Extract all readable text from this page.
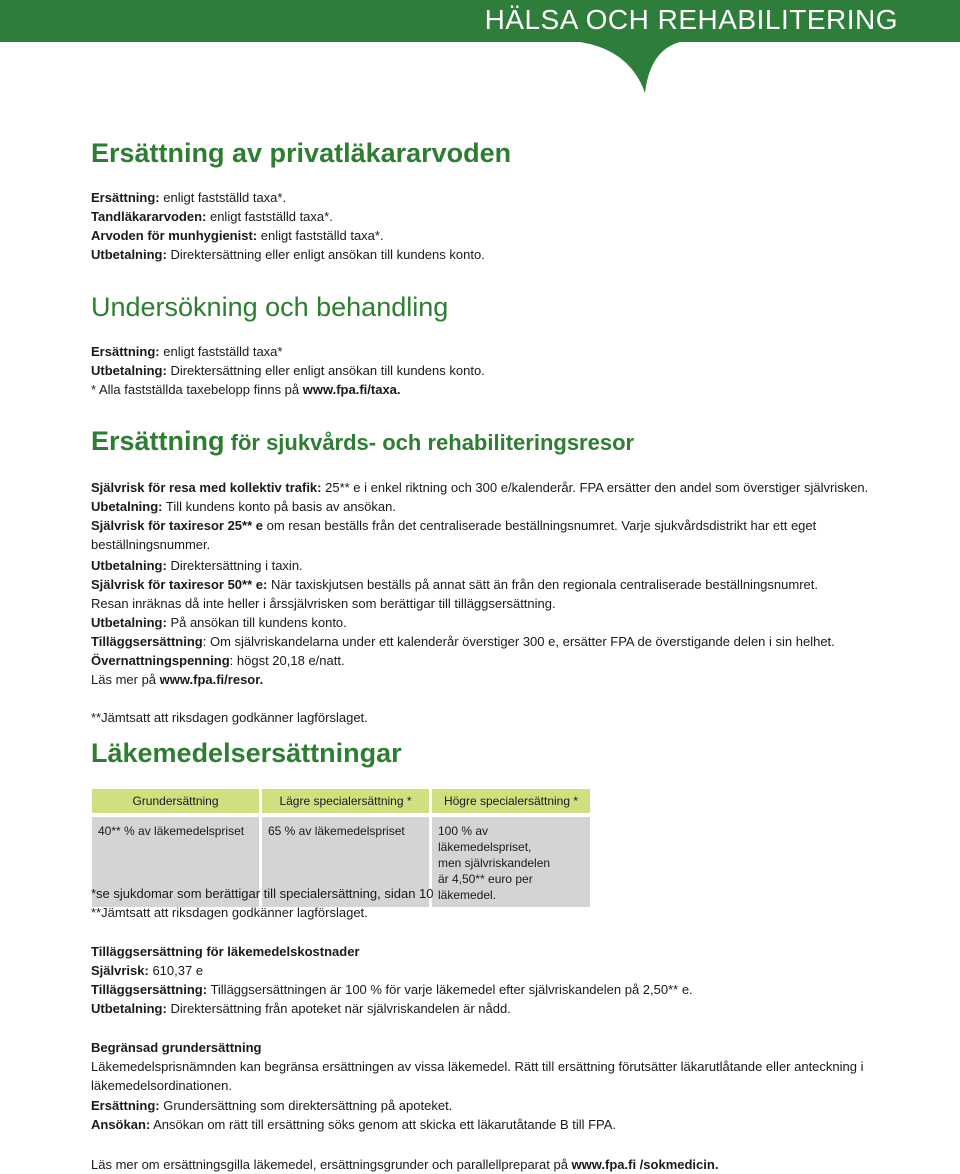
HÄLSA OCH REHABILITERING
Ersättning av privatläkararvoden
Ersättning: enligt fastställd taxa*.
Tandläkararvoden: enligt fastställd taxa*.
Arvoden för munhygienist: enligt fastställd taxa*.
Utbetalning: Direktersättning eller enligt ansökan till kundens konto.
Undersökning och behandling
Ersättning: enligt fastställd taxa*
Utbetalning: Direktersättning eller enligt ansökan till kundens konto.
* Alla fastställda taxebelopp finns på www.fpa.fi/taxa.
Ersättning för sjukvårds- och rehabiliteringsresor
Självrisk för resa med kollektiv trafik: 25** e i enkel riktning och 300 e/kalenderår. FPA ersätter den andel som överstiger självrisken.
Ubetalning: Till kundens konto på basis av ansökan.
Självrisk för taxiresor 25** e om resan beställs från det centraliserade beställningsnumret. Varje sjukvårdsdistrikt har ett eget beställningsnummer.
Utbetalning: Direktersättning i taxin.
Självrisk för taxiresor 50** e: När taxiskjutsen beställs på annat sätt än från den regionala centraliserade beställningsnumret.
Resan inräknas då inte heller i årssjälvrisken som berättigar till tilläggsersättning.
Utbetalning: På ansökan till kundens konto.
Tilläggsersättning: Om självriskandelarna under ett kalenderår överstiger 300 e, ersätter FPA de överstigande delen i sin helhet.
Övernattningspenning: högst 20,18 e/natt.
Läs mer på www.fpa.fi/resor.
**Jämtsatt att riksdagen godkänner lagförslaget.
Läkemedelsersättningar
Grundersättning	Lägre specialersättning *	Högre specialersättning *

40** % av läkemedelspriset	65 % av läkemedelspriset	100 % av läkemedelspriset,
men självriskandelen
är 4,50** euro per läkemedel.
*se sjukdomar som berättigar till specialersättning, sidan 10
**Jämtsatt att riksdagen godkänner lagförslaget.
Tilläggsersättning för läkemedelskostnader
Självrisk: 610,37 e
Tilläggsersättning: Tilläggsersättningen är 100 % för varje läkemedel efter självriskandelen på 2,50** e.
Utbetalning: Direktersättning från apoteket när självriskandelen är nådd.
Begränsad grundersättning
Läkemedelsprisnämnden kan begränsa ersättningen av vissa läkemedel. Rätt till ersättning förutsätter läkarutlåtande eller anteckning i läkemedelsordinationen.
Ersättning: Grundersättning som direktersättning på apoteket.
Ansökan: Ansökan om rätt till ersättning söks genom att skicka ett läkarutåtande B till FPA.
Läs mer om ersättningsgilla läkemedel, ersättningsgrunder och parallellpreparat på www.fpa.fi /sokmedicin.
